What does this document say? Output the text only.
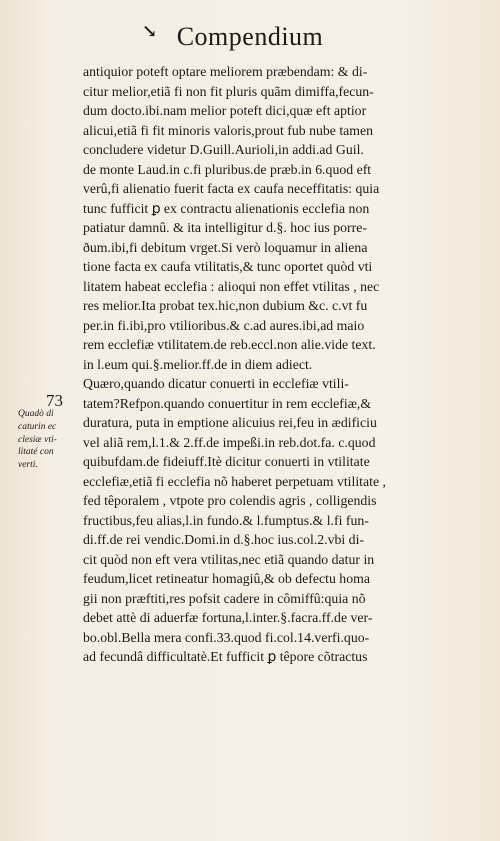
↘ Compendium
73
Quadò di
caturin ec
clesiæ vti-
litaté con
verti.
antiquior poteft optare meliorem præbendam: & di-
citur melior,etiã fi non fit pluris quãm dimiffa,fecun-
dum docto.ibi.nam melior poteft dici,quæ eft aptior
alicui,etiã fi fit minoris valoris,prout fub nube tamen
concludere videtur D.Guill.Aurioli,in addi.ad Guil.
de monte Laud.in c.fi pluribus.de præb.in 6.quod eft
verû,fi alienatio fuerit facta ex caufa neceffitatis: quia
tunc fufficit ꝑ ex contractu alienationis ecclefia non
patiatur damnû. & ita intelligitur d.§. hoc ius porre-
ðum.ibi,fi debitum vrget.Si verò loquamur in aliena
tione facta ex caufa vtilitatis,& tunc oportet quòd vti
litatem habeat ecclefia : alioqui non effet vtilitas , nec
res melior.Ita probat tex.hic,non dubium &c. c.vt fu
per.in fi.ibi,pro vtilioribus.& c.ad aures.ibi,ad maio
rem ecclefiæ vtilitatem.de reb.eccl.non alie.vide text.
in l.eum qui.§.melior.ff.de in diem adiect.
Quæro,quando dicatur conuerti in ecclefiæ vtili-
tatem?Refpon.quando conuertitur in rem ecclefiæ,&
duratura, puta in emptione alicuius rei,feu in ædificiu
vel aliã rem,l.1.& 2.ff.de impeßi.in reb.dot.fa. c.quod
quibufdam.de fideiuff.Itè dicitur conuerti in vtilitate
ecclefiæ,etiã fi ecclefia nõ haberet perpetuam vtilitate ,
fed têporalem , vtpote pro colendis agris , colligendis
fructibus,feu alias,l.in fundo.& l.fumptus.& l.fi fun-
di.ff.de rei vendic.Domi.in d.§.hoc ius.col.2.vbi di-
cit quòd non eft vera vtilitas,nec etiã quando datur in
feudum,licet retineatur homagiû,& ob defectu homa
gii non præftiti,res pofsit cadere in cômiffû:quia nõ
debet attè di aduerfæ fortuna,l.inter.§.facra.ff.de ver-
bo.obl.Bella mera confi.33.quod fi.col.14.verfi.quo-
ad fecundâ difficultatè.Et fufficit ꝑ têpore cõtractus
